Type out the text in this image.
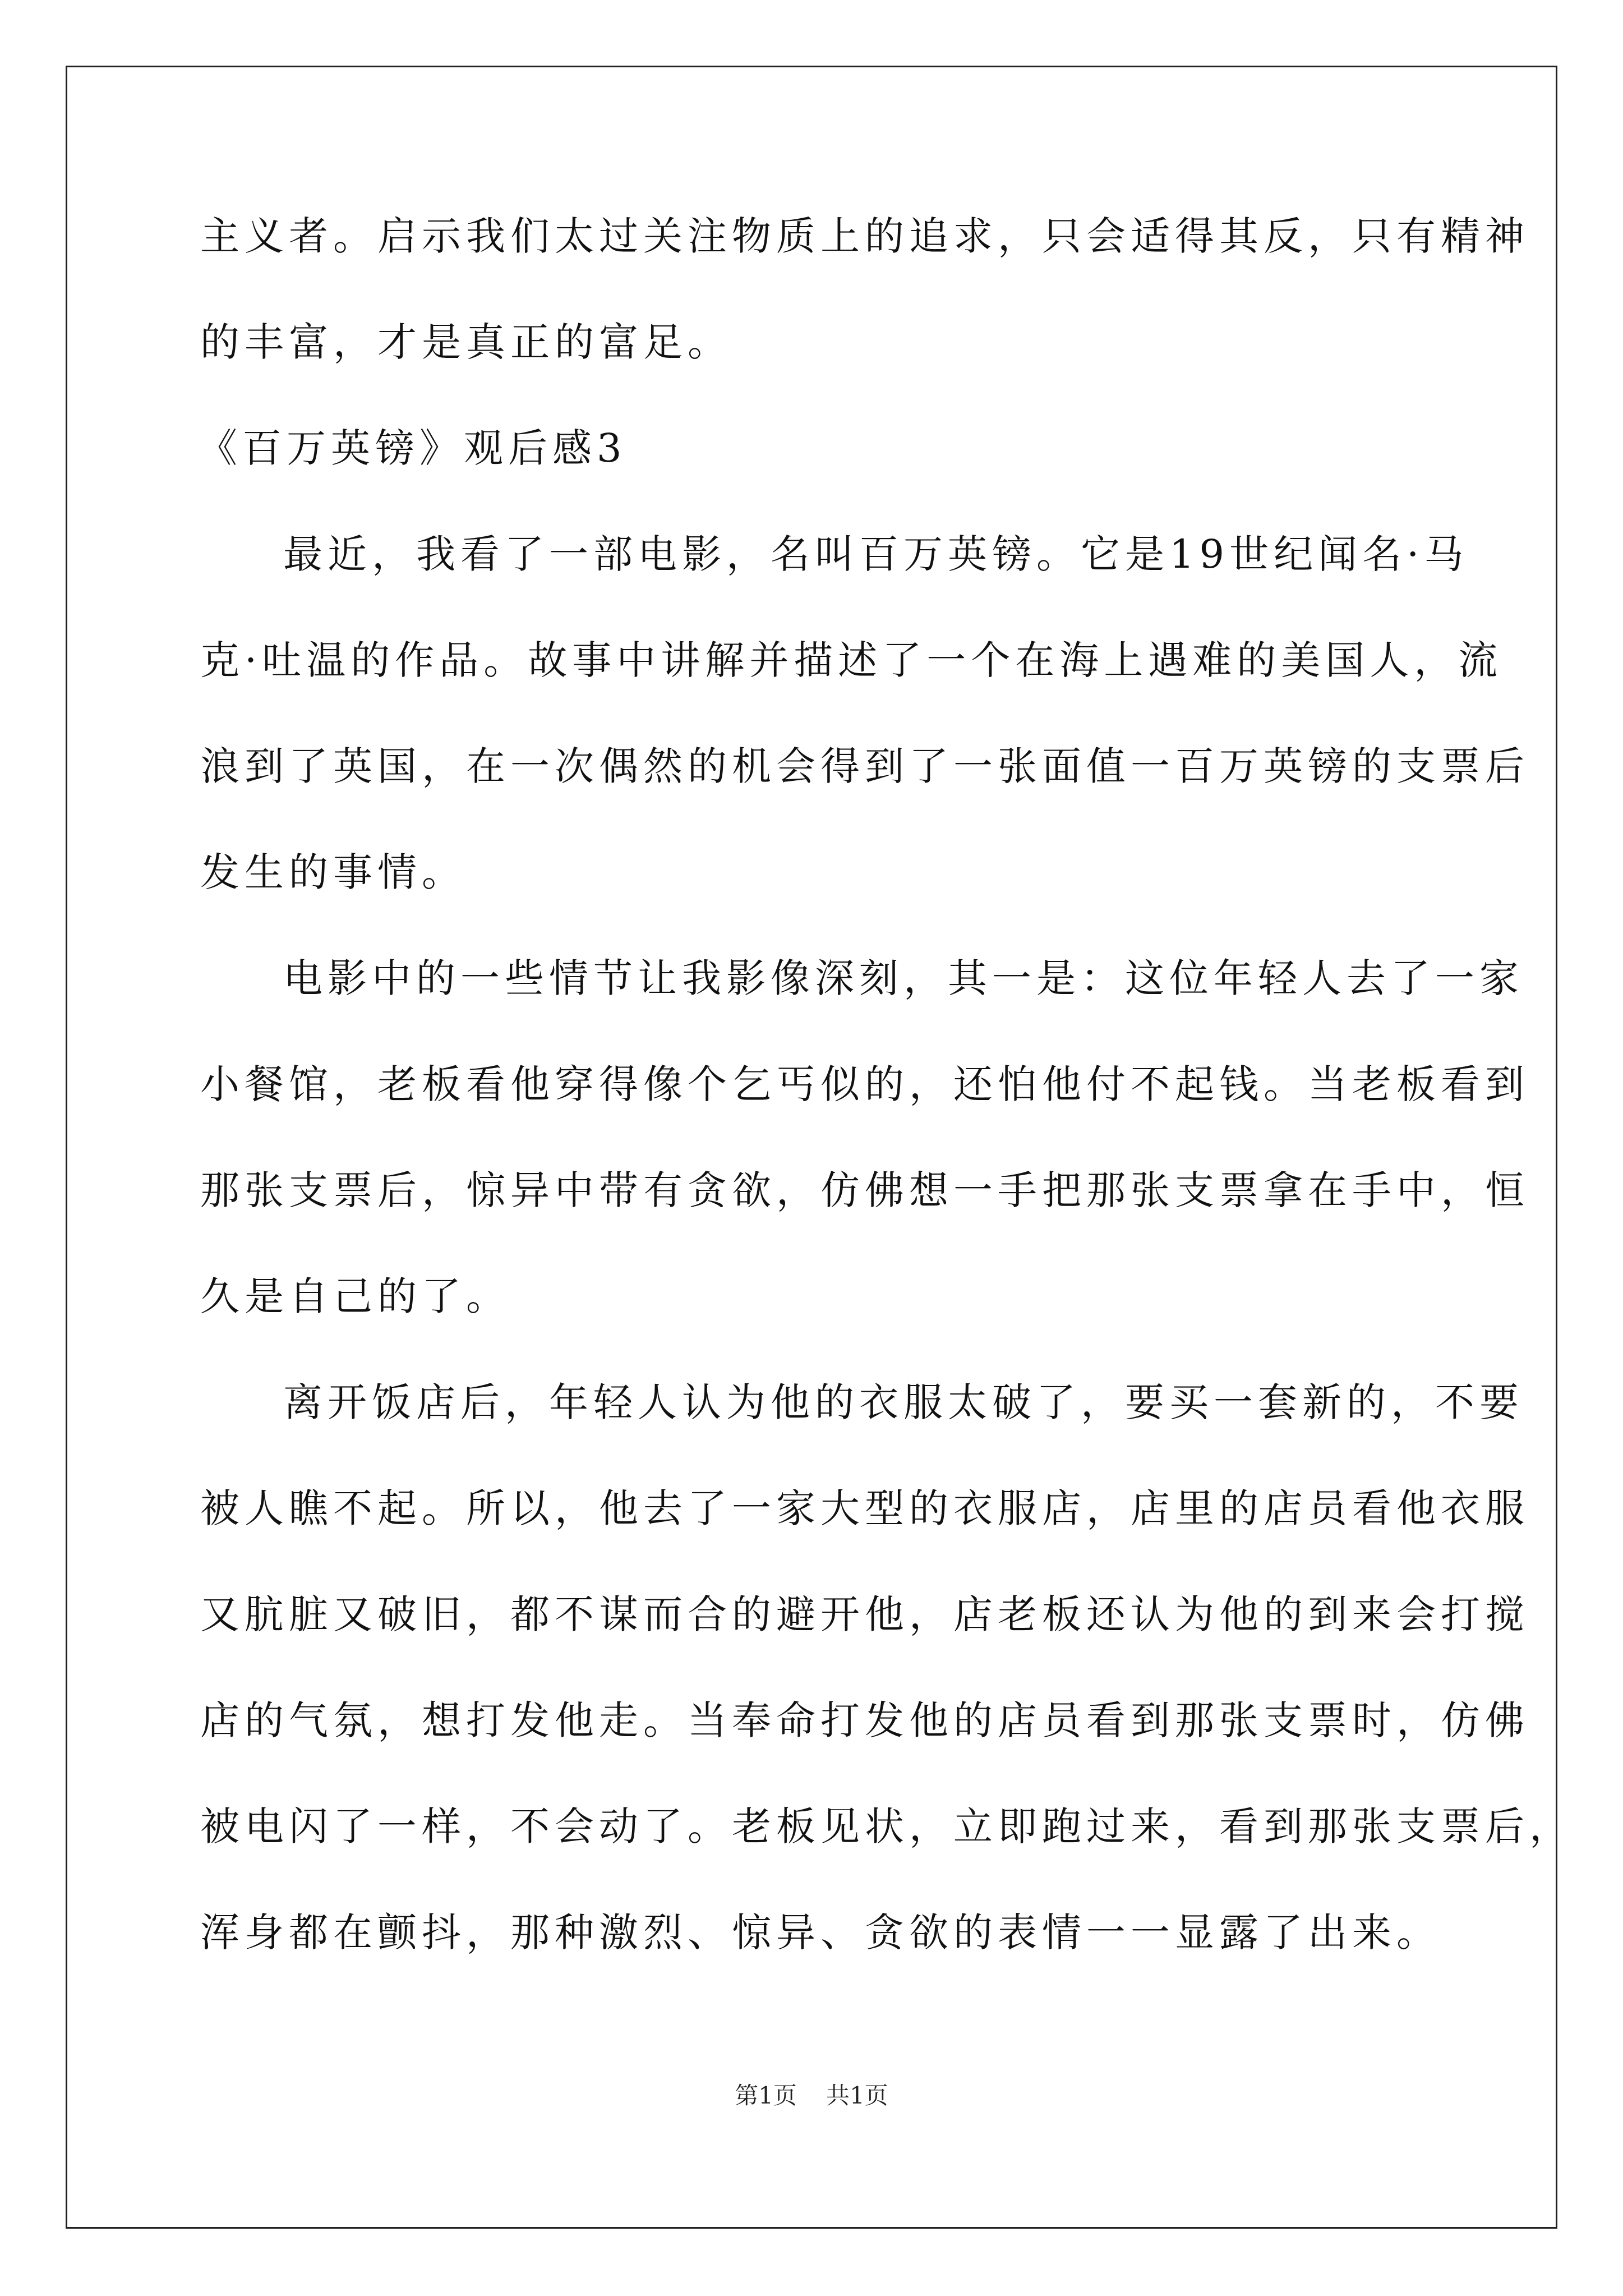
主义者。启示我们太过关注物质上的追求，只会适得其反，只有精神
的丰富，才是真正的富足。
《百万英镑》观后感3
最近，我看了一部电影，名叫百万英镑。它是19世纪闻名·马
克·吐温的作品。故事中讲解并描述了一个在海上遇难的美国人，流
浪到了英国，在一次偶然的机会得到了一张面值一百万英镑的支票后
发生的事情。
电影中的一些情节让我影像深刻，其一是：这位年轻人去了一家
小餐馆，老板看他穿得像个乞丐似的，还怕他付不起钱。当老板看到
那张支票后，惊异中带有贪欲，仿佛想一手把那张支票拿在手中，恒
久是自己的了。
离开饭店后，年轻人认为他的衣服太破了，要买一套新的，不要
被人瞧不起。所以，他去了一家大型的衣服店，店里的店员看他衣服
又肮脏又破旧，都不谋而合的避开他，店老板还认为他的到来会打搅
店的气氛，想打发他走。当奉命打发他的店员看到那张支票时，仿佛
被电闪了一样，不会动了。老板见状，立即跑过来，看到那张支票后，
浑身都在颤抖，那种激烈、惊异、贪欲的表情一一显露了出来。
第1页 共1页
